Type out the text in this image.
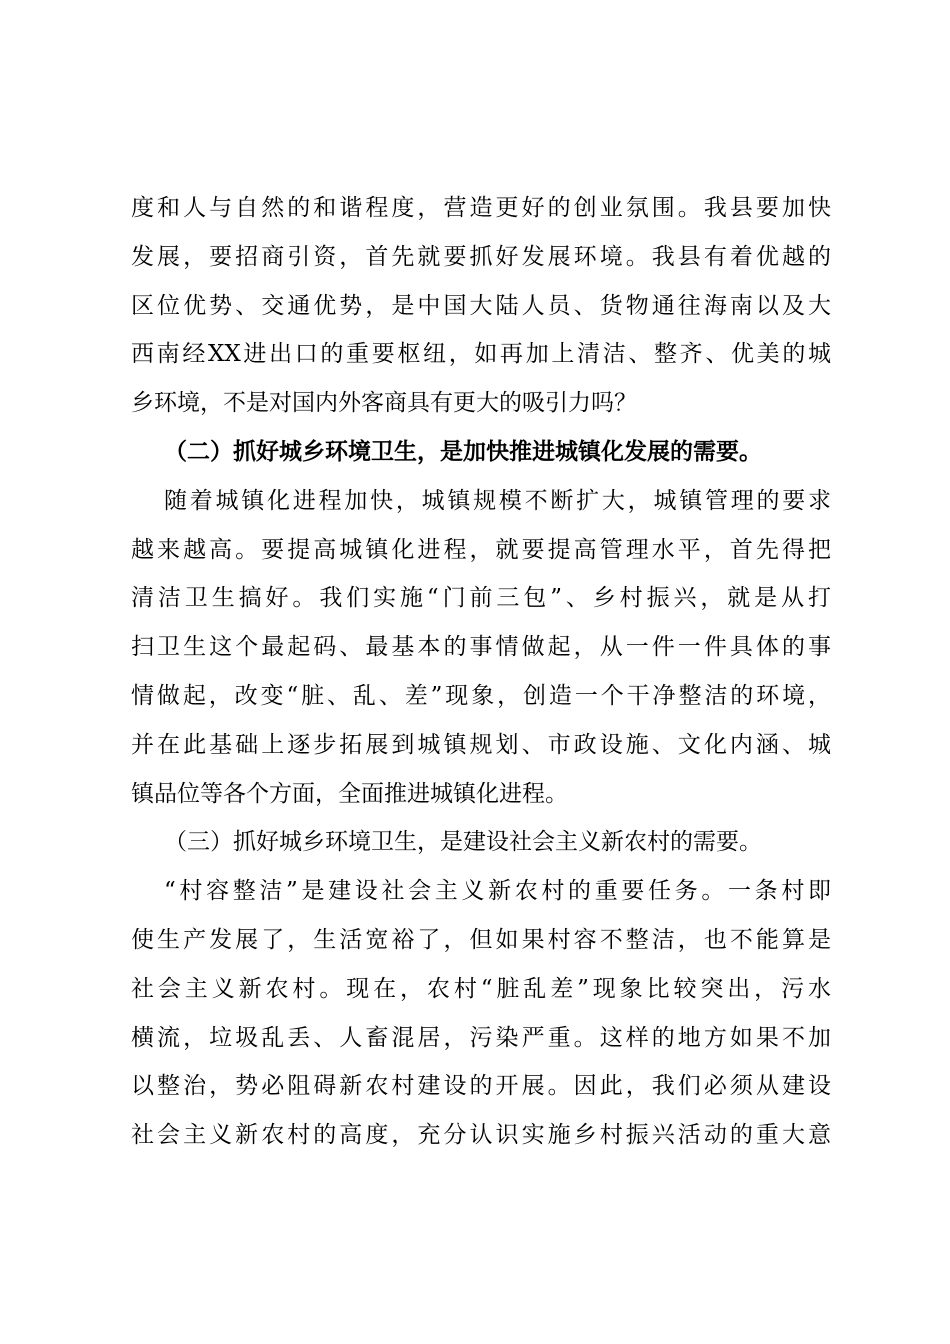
度和人与自然的和谐程度，营造更好的创业氛围。我县要加快
发展，要招商引资，首先就要抓好发展环境。我县有着优越的
区位优势、交通优势，是中国大陆人员、货物通往海南以及大
西南经XX进出口的重要枢纽，如再加上清洁、整齐、优美的城
乡环境，不是对国内外客商具有更大的吸引力吗？
（二）抓好城乡环境卫生，是加快推进城镇化发展的需要。
随着城镇化进程加快，城镇规模不断扩大，城镇管理的要求
越来越高。要提高城镇化进程，就要提高管理水平，首先得把
清洁卫生搞好。我们实施“门前三包”、乡村振兴，就是从打
扫卫生这个最起码、最基本的事情做起，从一件一件具体的事
情做起，改变“脏、乱、差”现象，创造一个干净整洁的环境，
并在此基础上逐步拓展到城镇规划、市政设施、文化内涵、城
镇品位等各个方面，全面推进城镇化进程。
（三）抓好城乡环境卫生，是建设社会主义新农村的需要。
“村容整洁”是建设社会主义新农村的重要任务。一条村即
使生产发展了，生活宽裕了，但如果村容不整洁，也不能算是
社会主义新农村。现在，农村“脏乱差”现象比较突出，污水
横流，垃圾乱丢、人畜混居，污染严重。这样的地方如果不加
以整治，势必阻碍新农村建设的开展。因此，我们必须从建设
社会主义新农村的高度，充分认识实施乡村振兴活动的重大意
